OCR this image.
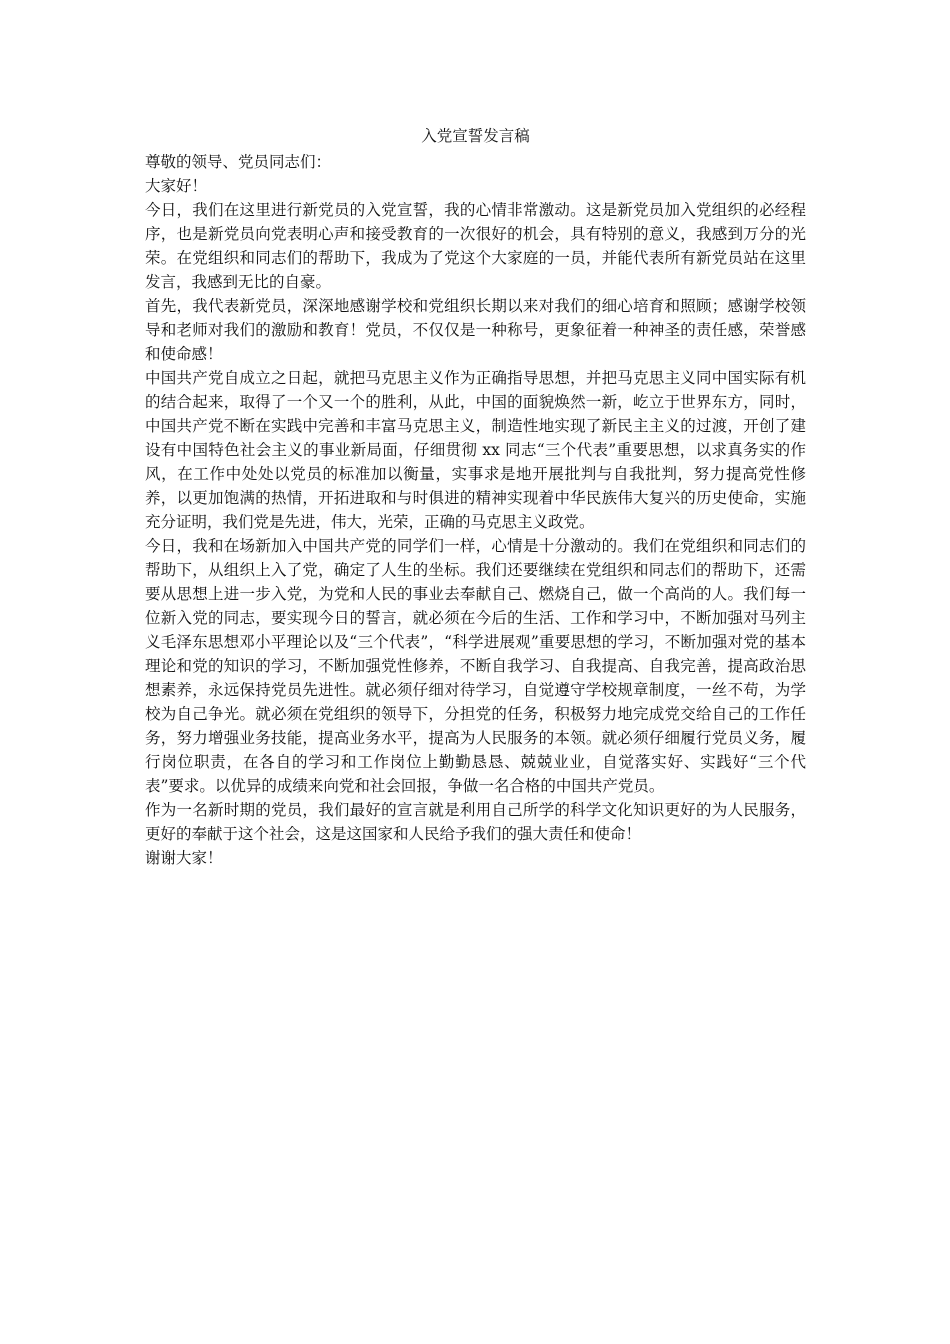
入党宣誓发言稿

尊敬的领导、党员同志们：

大家好！

今日，我们在这里进行新党员的入党宣誓，我的心情非常激动。这是新党员加入党组织的必经程序，也是新党员向党表明心声和接受教育的一次很好的机会，具有特别的意义，我感到万分的光荣。在党组织和同志们的帮助下，我成为了党这个大家庭的一员，并能代表所有新党员站在这里发言，我感到无比的自豪。

首先，我代表新党员，深深地感谢学校和党组织长期以来对我们的细心培育和照顾；感谢学校领导和老师对我们的激励和教育！党员，不仅仅是一种称号，更象征着一种神圣的责任感，荣誉感和使命感！

中国共产党自成立之日起，就把马克思主义作为正确指导思想，并把马克思主义同中国实际有机的结合起来，取得了一个又一个的胜利，从此，中国的面貌焕然一新，屹立于世界东方，同时，中国共产党不断在实践中完善和丰富马克思主义，制造性地实现了新民主主义的过渡，开创了建设有中国特色社会主义的事业新局面，仔细贯彻 xx 同志“三个代表”重要思想，以求真务实的作风，在工作中处处以党员的标准加以衡量，实事求是地开展批判与自我批判，努力提高党性修养，以更加饱满的热情，开拓进取和与时俱进的精神实现着中华民族伟大复兴的历史使命，实施充分证明，我们党是先进，伟大，光荣，正确的马克思主义政党。

今日，我和在场新加入中国共产党的同学们一样，心情是十分激动的。我们在党组织和同志们的帮助下，从组织上入了党，确定了人生的坐标。我们还要继续在党组织和同志们的帮助下，还需要从思想上进一步入党，为党和人民的事业去奉献自己、燃烧自己，做一个高尚的人。我们每一位新入党的同志，要实现今日的誓言，就必须在今后的生活、工作和学习中，不断加强对马列主义毛泽东思想邓小平理论以及“三个代表”，“科学进展观”重要思想的学习，不断加强对党的基本理论和党的知识的学习，不断加强党性修养，不断自我学习、自我提高、自我完善，提高政治思想素养，永远保持党员先进性。就必须仔细对待学习，自觉遵守学校规章制度，一丝不苟，为学校为自己争光。就必须在党组织的领导下，分担党的任务，积极努力地完成党交给自己的工作任务，努力增强业务技能，提高业务水平，提高为人民服务的本领。就必须仔细履行党员义务，履行岗位职责，在各自的学习和工作岗位上勤勤恳恳、兢兢业业，自觉落实好、实践好“三个代表”要求。以优异的成绩来向党和社会回报，争做一名合格的中国共产党员。

作为一名新时期的党员，我们最好的宣言就是利用自己所学的科学文化知识更好的为人民服务，更好的奉献于这个社会，这是这国家和人民给予我们的强大责任和使命！

谢谢大家！
